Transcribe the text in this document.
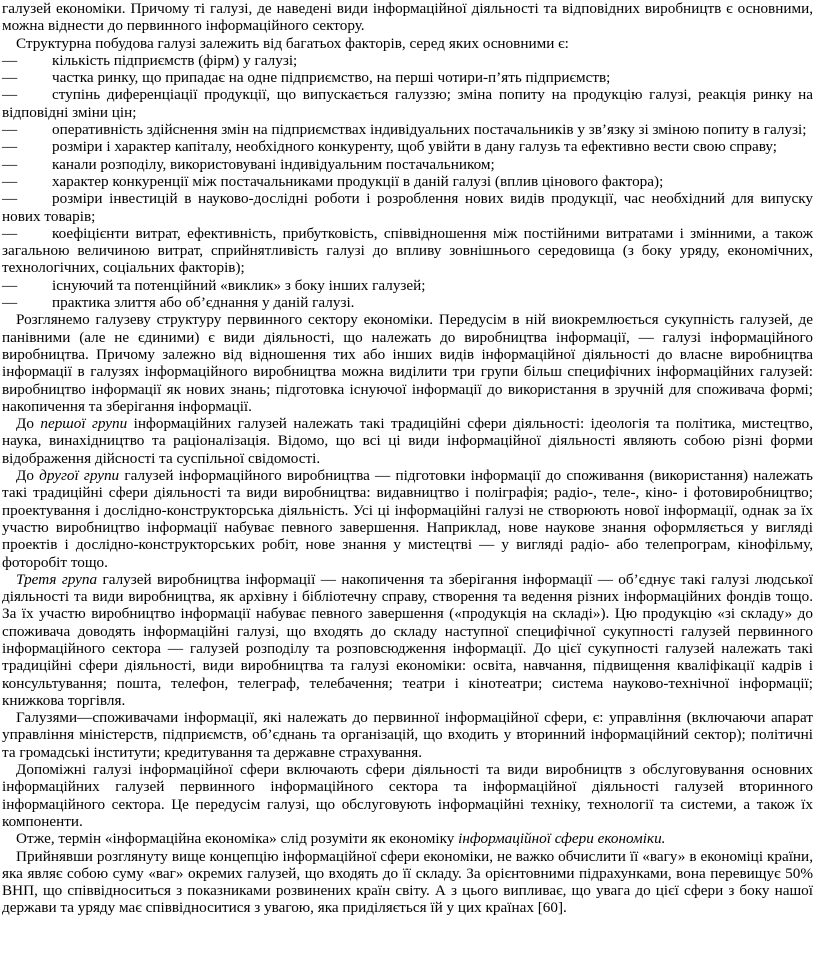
галузей економіки. Причому ті галузі, де наведені види інформаційної діяльності та відповідних виробництв є основними, можна віднести до первинного інформаційного сектору.

Структурна побудова галузі залежить від багатьох факторів, серед яких основними є:

— кількість підприємств (фірм) у галузі;

— частка ринку, що припадає на одне підприємство, на перші чотири-п’ять підприємств;

— ступінь диференціації продукції, що випускається галуззю; зміна попиту на продукцію галузі, реакція ринку на відповідні зміни цін;

— оперативність здійснення змін на підприємствах індивідуальних постачальників у зв’язку зі зміною попиту в галузі;

— розміри і характер капіталу, необхідного конкуренту, щоб увійти в дану галузь та ефективно вести свою справу;

— канали розподілу, використовувані індивідуальним постачальником;

— характер конкуренції між постачальниками продукції в даній галузі (вплив цінового фактора);

— розміри інвестицій в науково-дослідні роботи і розроблення нових видів продукції, час необхідний для випуску нових товарів;

— коефіцієнти витрат, ефективність, прибутковість, співвідношення між постійними витратами і змінними, а також загальною величиною витрат, сприйнятливість галузі до впливу зовнішнього середовища (з боку уряду, економічних, технологічних, соціальних факторів);

— існуючий та потенційний «виклик» з боку інших галузей;

— практика злиття або об’єднання у даній галузі.

Розглянемо галузеву структуру первинного сектору економіки. Передусім в ній виокремлюється сукупність галузей, де панівними (але не єдиними) є види діяльності, що належать до виробництва інформації, — галузі інформаційного виробництва. Причому залежно від відношення тих або інших видів інформаційної діяльності до власне виробництва інформації в галузях інформаційного виробництва можна виділити три групи більш специфічних інформаційних галузей: виробництво інформації як нових знань; підготовка існуючої інформації до використання в зручній для споживача формі; накопичення та зберігання інформації.

До першої групи інформаційних галузей належать такі традиційні сфери діяльності: ідеологія та політика, мистецтво, наука, винахідництво та раціоналізація. Відомо, що всі ці види інформаційної діяльності являють собою різні форми відображення дійсності та суспільної свідомості.

До другої групи галузей інформаційного виробництва — підготовки інформації до споживання (використання) належать такі традиційні сфери діяльності та види виробництва: видавництво і поліграфія; радіо-, теле-, кіно- і фотовиробництво; проектування і дослідно-конструкторська діяльність. Усі ці інформаційні галузі не створюють нової інформації, однак за їх участю виробництво інформації набуває певного завершення. Наприклад, нове наукове знання оформляється у вигляді проектів і дослідно-конструкторських робіт, нове знання у мистецтві — у вигляді радіо- або телепрограм, кінофільму, фоторобіт тощо.

Третя група галузей виробництва інформації — накопичення та зберігання інформації — об’єднує такі галузі людської діяльності та види виробництва, як архівну і бібліотечну справу, створення та ведення різних інформаційних фондів тощо. За їх участю виробництво інформації набуває певного завершення («продукція на складі»). Цю продукцію «зі складу» до споживача доводять інформаційні галузі, що входять до складу наступної специфічної сукупності галузей первинного інформаційного сектора — галузей розподілу та розповсюдження інформації. До цієї сукупності галузей належать такі традиційні сфери діяльності, види виробництва та галузі економіки: освіта, навчання, підвищення кваліфікації кадрів і консультування; пошта, телефон, телеграф, телебачення; театри і кінотеатри; система науково-технічної інформації; книжкова торгівля.

Галузями—споживачами інформації, які належать до первинної інформаційної сфери, є: управління (включаючи апарат управління міністерств, підприємств, об’єднань та організацій, що входить у вторинний інформаційний сектор); політичні та громадські інститути; кредитування та державне страхування.

Допоміжні галузі інформаційної сфери включають сфери діяльності та види виробництв з обслуговування основних інформаційних галузей первинного інформаційного сектора та інформаційної діяльності галузей вторинного інформаційного сектора. Це передусім галузі, що обслуговують інформаційні техніку, технології та системи, а також їх компоненти.

Отже, термін «інформаційна економіка» слід розуміти як економіку інформаційної сфери економіки.

Прийнявши розглянуту вище концепцію інформаційної сфери економіки, не важко обчислити її «вагу» в економіці країни, яка являє собою суму «ваг» окремих галузей, що входять до її складу. За орієнтовними підрахунками, вона перевищує 50% ВНП, що співвідноситься з показниками розвинених країн світу. А з цього випливає, що увага до цієї сфери з боку нашої держави та уряду має співвідноситися з увагою, яка приділяється їй у цих країнах [60].
